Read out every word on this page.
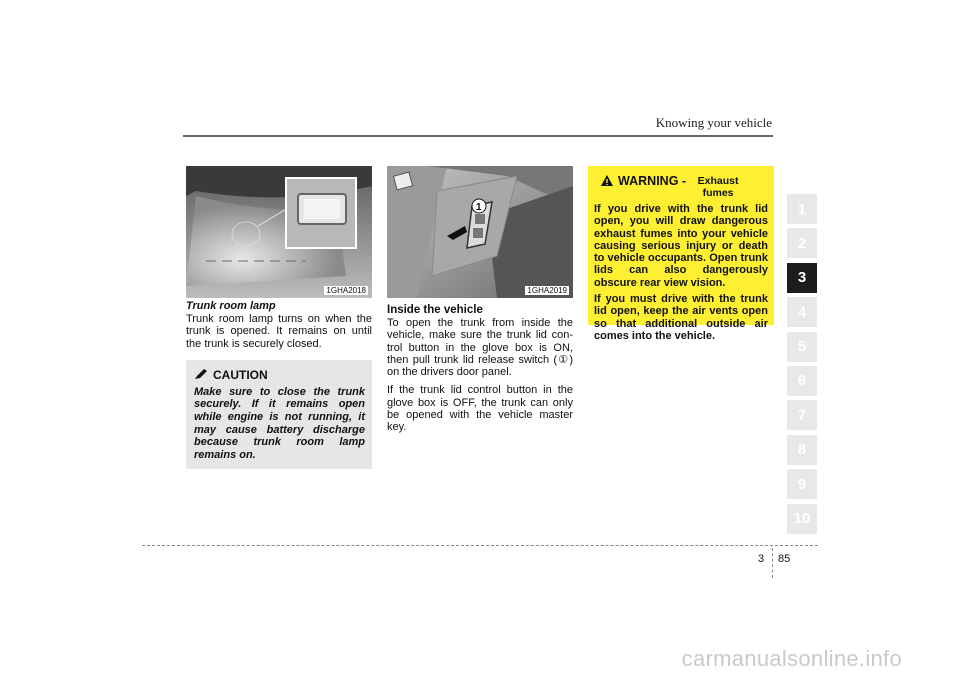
Knowing your vehicle
1GHA2018
Trunk room lamp

Trunk room lamp turns on when the trunk is opened. It remains on until the trunk is securely closed.

CAUTION
Make sure to close the trunk securely. If it remains open while engine is not running, it may cause battery discharge because trunk room lamp remains on.
1
1GHA2019
Inside the vehicle

To open the trunk from inside the vehicle, make sure the trunk lid con-trol button in the glove box is ON, then pull trunk lid release switch (①) on the drivers door panel.

If the trunk lid control button in the glove box is OFF, the trunk can only be opened with the vehicle master key.

WARNING -	Exhaust fumes

If you drive with the trunk lid open, you will draw dangerous exhaust fumes into your vehicle causing serious injury or death to vehicle occupants. Open trunk lids can also dangerously obscure rear view vision.

If you must drive with the trunk lid open, keep the air vents open so that additional outside air comes into the vehicle.

1
2
3
4
5
6
7
8
9
10
3 85
carmanualsonline.info
